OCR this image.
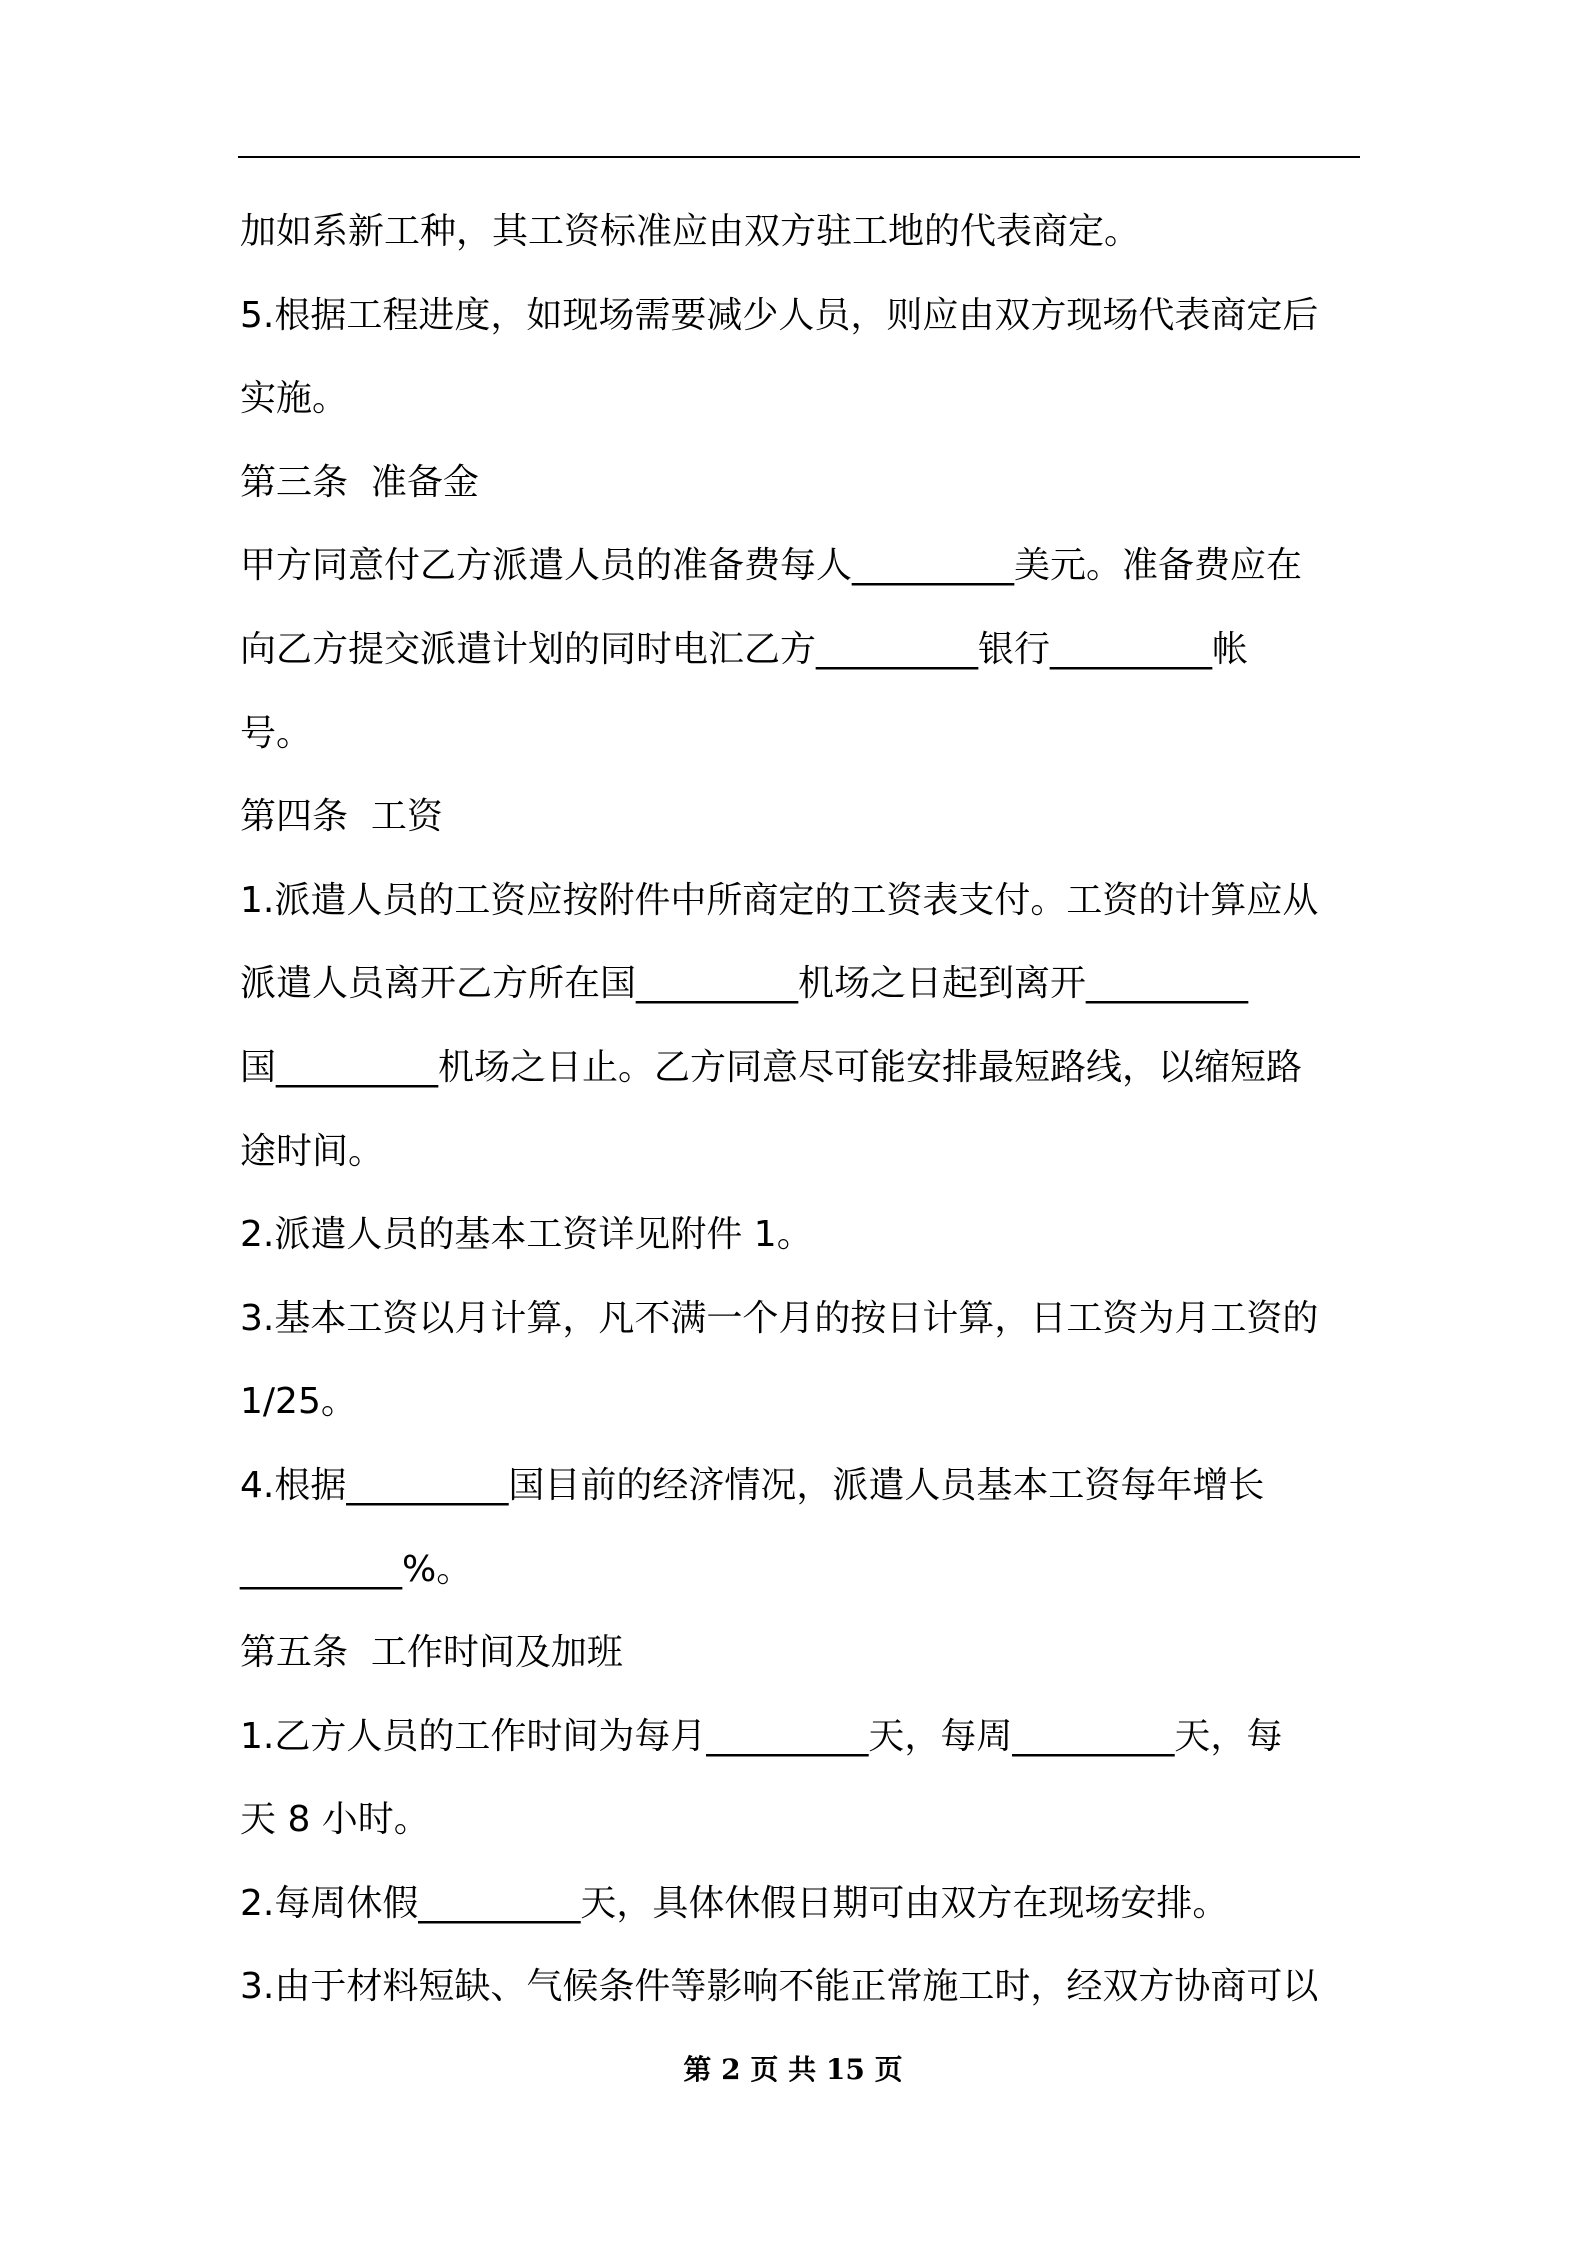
加如系新工种，其工资标准应由双方驻工地的代表商定。
5.根据工程进度，如现场需要减少人员，则应由双方现场代表商定后
实施。
第三条  准备金
甲方同意付乙方派遣人员的准备费每人_________美元。准备费应在
向乙方提交派遣计划的同时电汇乙方_________银行_________帐
号。
第四条  工资
1.派遣人员的工资应按附件中所商定的工资表支付。工资的计算应从
派遣人员离开乙方所在国_________机场之日起到离开_________
国_________机场之日止。乙方同意尽可能安排最短路线，以缩短路
途时间。
2.派遣人员的基本工资详见附件 1。
3.基本工资以月计算，凡不满一个月的按日计算，日工资为月工资的
1/25。
4.根据_________国目前的经济情况，派遣人员基本工资每年增长
_________%。
第五条  工作时间及加班
1.乙方人员的工作时间为每月_________天，每周_________天，每
天 8 小时。
2.每周休假_________天，具体休假日期可由双方在现场安排。
3.由于材料短缺、气候条件等影响不能正常施工时，经双方协商可以
第 2 页 共 15 页
